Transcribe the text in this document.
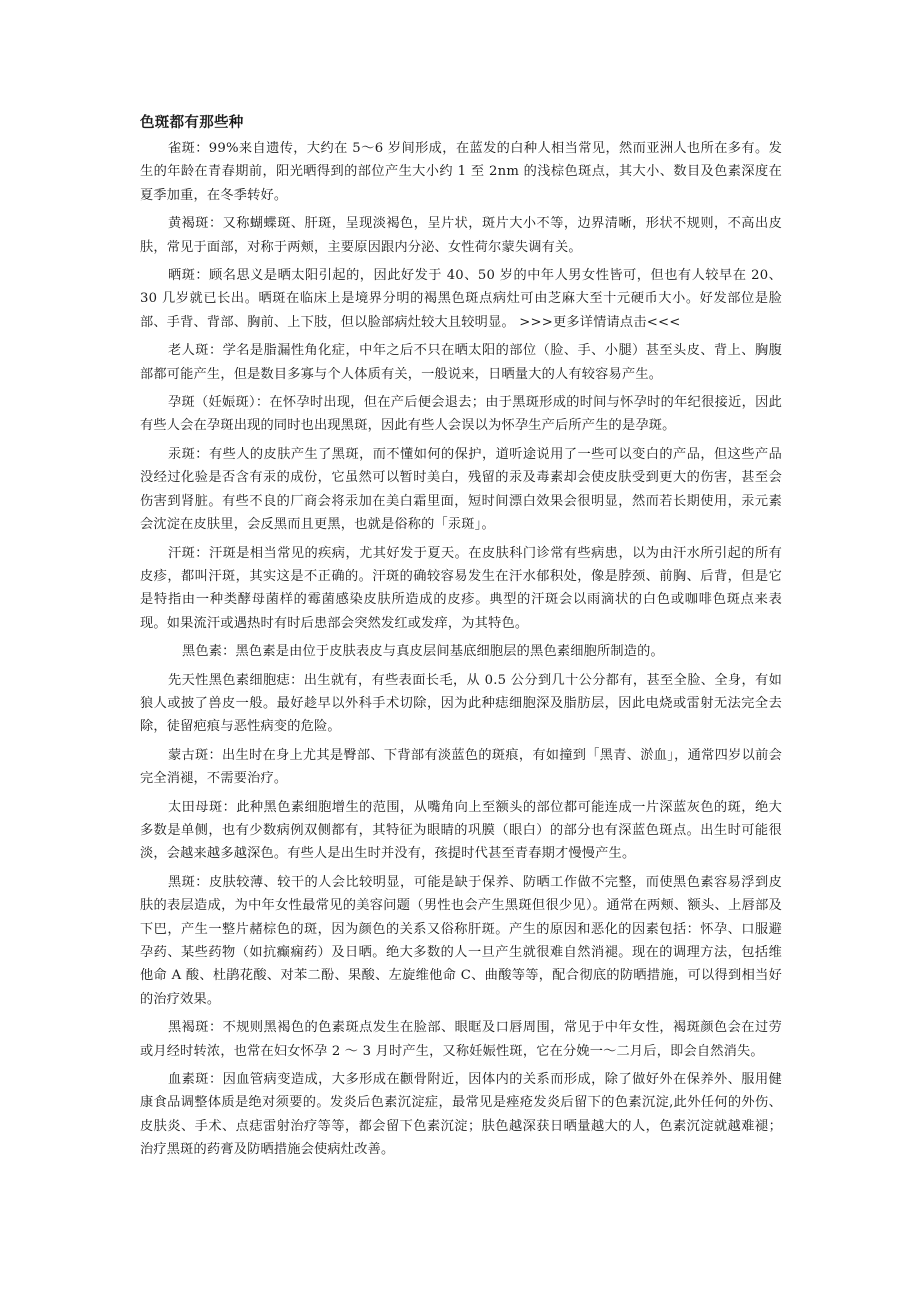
色斑都有那些种

雀斑：99%来自遗传，大约在 5～6 岁间形成，在蓝发的白种人相当常见，然而亚洲人也所在多有。发生的年龄在青春期前，阳光晒得到的部位产生大小约 1 至 2nm 的浅棕色斑点，其大小、数目及色素深度在夏季加重，在冬季转好。

黄褐斑：又称蝴蝶斑、肝斑，呈现淡褐色，呈片状，斑片大小不等，边界清晰，形状不规则，不高出皮肤，常见于面部，对称于两颊，主要原因跟内分泌、女性荷尔蒙失调有关。

晒斑：顾名思义是晒太阳引起的，因此好发于 40、50 岁的中年人男女性皆可，但也有人较早在 20、30 几岁就已长出。晒斑在临床上是境界分明的褐黑色斑点病灶可由芝麻大至十元硬币大小。好发部位是脸部、手背、背部、胸前、上下肢，但以脸部病灶较大且较明显。 >>>更多详情请点击<<<

老人斑：学名是脂漏性角化症，中年之后不只在晒太阳的部位（脸、手、小腿）甚至头皮、背上、胸腹部都可能产生，但是数目多寡与个人体质有关，一般说来，日晒量大的人有较容易产生。

孕斑（妊娠斑）：在怀孕时出现，但在产后便会退去；由于黑斑形成的时间与怀孕时的年纪很接近，因此有些人会在孕斑出现的同时也出现黑斑，因此有些人会误以为怀孕生产后所产生的是孕斑。

汞斑：有些人的皮肤产生了黑斑，而不懂如何的保护，道听途说用了一些可以变白的产品，但这些产品没经过化验是否含有汞的成份，它虽然可以暂时美白，残留的汞及毒素却会使皮肤受到更大的伤害，甚至会伤害到肾脏。有些不良的厂商会将汞加在美白霜里面，短时间漂白效果会很明显，然而若长期使用，汞元素会沈淀在皮肤里，会反黑而且更黑，也就是俗称的「汞斑」。

汗斑：汗斑是相当常见的疾病，尤其好发于夏天。在皮肤科门诊常有些病患，以为由汗水所引起的所有皮疹，都叫汗斑，其实这是不正确的。汗斑的确较容易发生在汗水郁积处，像是脖颈、前胸、后背，但是它是特指由一种类酵母菌样的霉菌感染皮肤所造成的皮疹。典型的汗斑会以雨滴状的白色或咖啡色斑点来表现。如果流汗或遇热时有时后患部会突然发红或发痒，为其特色。

黑色素：黑色素是由位于皮肤表皮与真皮层间基底细胞层的黑色素细胞所制造的。

先天性黑色素细胞痣：出生就有，有些表面长毛，从 0.5 公分到几十公分都有，甚至全脸、全身，有如狼人或披了兽皮一般。最好趁早以外科手术切除，因为此种痣细胞深及脂肪层，因此电烧或雷射无法完全去除，徒留疤痕与恶性病变的危险。

蒙古斑：出生时在身上尤其是臀部、下背部有淡蓝色的斑痕，有如撞到「黑青、淤血」，通常四岁以前会完全消褪，不需要治疗。

太田母斑：此种黑色素细胞增生的范围，从嘴角向上至额头的部位都可能连成一片深蓝灰色的斑，绝大多数是单侧，也有少数病例双侧都有，其特征为眼睛的巩膜（眼白）的部分也有深蓝色斑点。出生时可能很淡，会越来越多越深色。有些人是出生时并没有，孩提时代甚至青春期才慢慢产生。

黑斑：皮肤较薄、较干的人会比较明显，可能是缺于保养、防晒工作做不完整，而使黑色素容易浮到皮肤的表层造成，为中年女性最常见的美容问题（男性也会产生黑斑但很少见）。通常在两颊、额头、上唇部及下巴，产生一整片赭棕色的斑，因为颜色的关系又俗称肝斑。产生的原因和恶化的因素包括：怀孕、口服避孕药、某些药物（如抗癫痫药）及日晒。绝大多数的人一旦产生就很难自然消褪。现在的调理方法，包括维他命 A 酸、杜鹃花酸、对苯二酚、果酸、左旋维他命 C、曲酸等等，配合彻底的防晒措施，可以得到相当好的治疗效果。

黑褐斑：不规则黑褐色的色素斑点发生在脸部、眼眶及口唇周围，常见于中年女性，褐斑颜色会在过劳或月经时转浓，也常在妇女怀孕 2 ～ 3 月时产生，又称妊娠性斑，它在分娩一～二月后，即会自然消失。

血素斑：因血管病变造成，大多形成在颧骨附近，因体内的关系而形成，除了做好外在保养外、服用健康食品调整体质是绝对须要的。发炎后色素沉淀症，最常见是痤疮发炎后留下的色素沉淀,此外任何的外伤、皮肤炎、手术、点痣雷射治疗等等，都会留下色素沉淀；肤色越深获日晒量越大的人，色素沉淀就越难褪；治疗黑斑的药膏及防晒措施会使病灶改善。
